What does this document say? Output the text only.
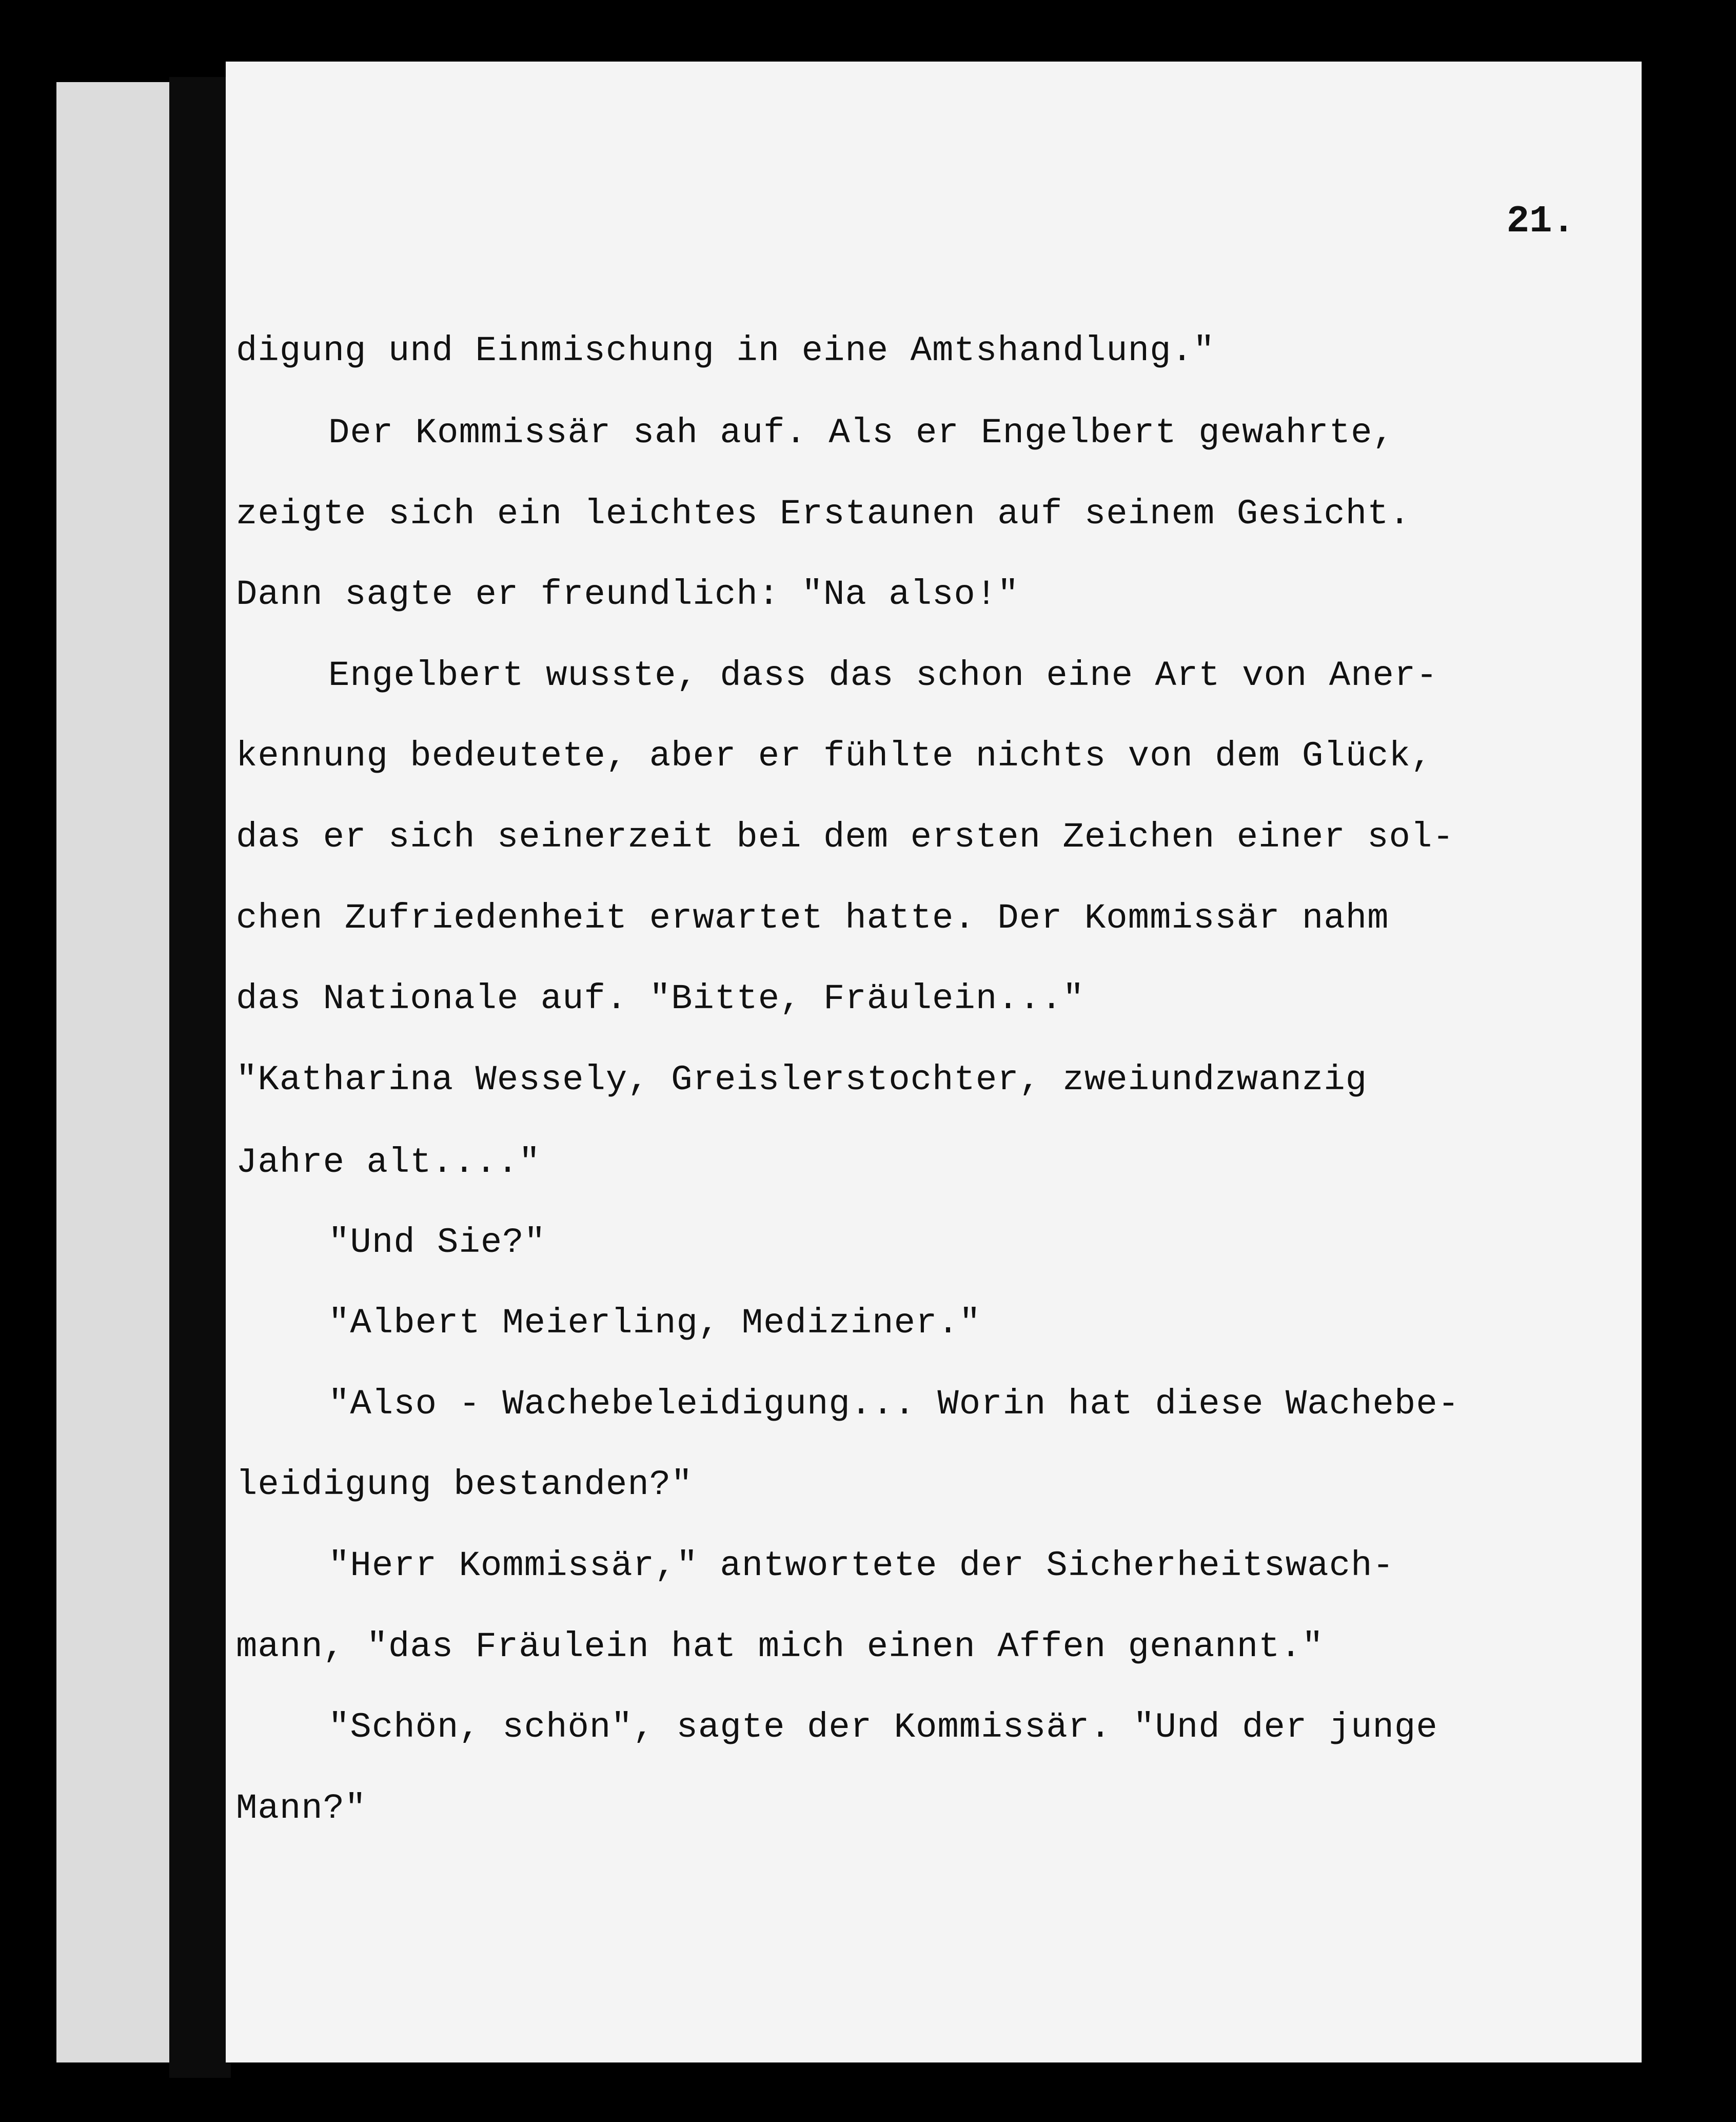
21.
digung und Einmischung in eine Amtshandlung."
Der Kommissär sah auf. Als er Engelbert gewahrte,
zeigte sich ein leichtes Erstaunen auf seinem Gesicht.
Dann sagte er freundlich: "Na also!"
Engelbert wusste, dass das schon eine Art von Aner-
kennung bedeutete, aber er fühlte nichts von dem Glück,
das er sich seinerzeit bei dem ersten Zeichen einer sol-
chen Zufriedenheit erwartet hatte. Der Kommissär nahm
das Nationale auf. "Bitte, Fräulein..."
"Katharina Wessely, Greislerstochter, zweiundzwanzig
Jahre alt...."
"Und Sie?"
"Albert Meierling, Mediziner."
"Also - Wachebeleidigung... Worin hat diese Wachebe-
leidigung bestanden?"
"Herr Kommissär," antwortete der Sicherheitswach-
mann, "das Fräulein hat mich einen Affen genannt."
"Schön, schön", sagte der Kommissär. "Und der junge
Mann?"
